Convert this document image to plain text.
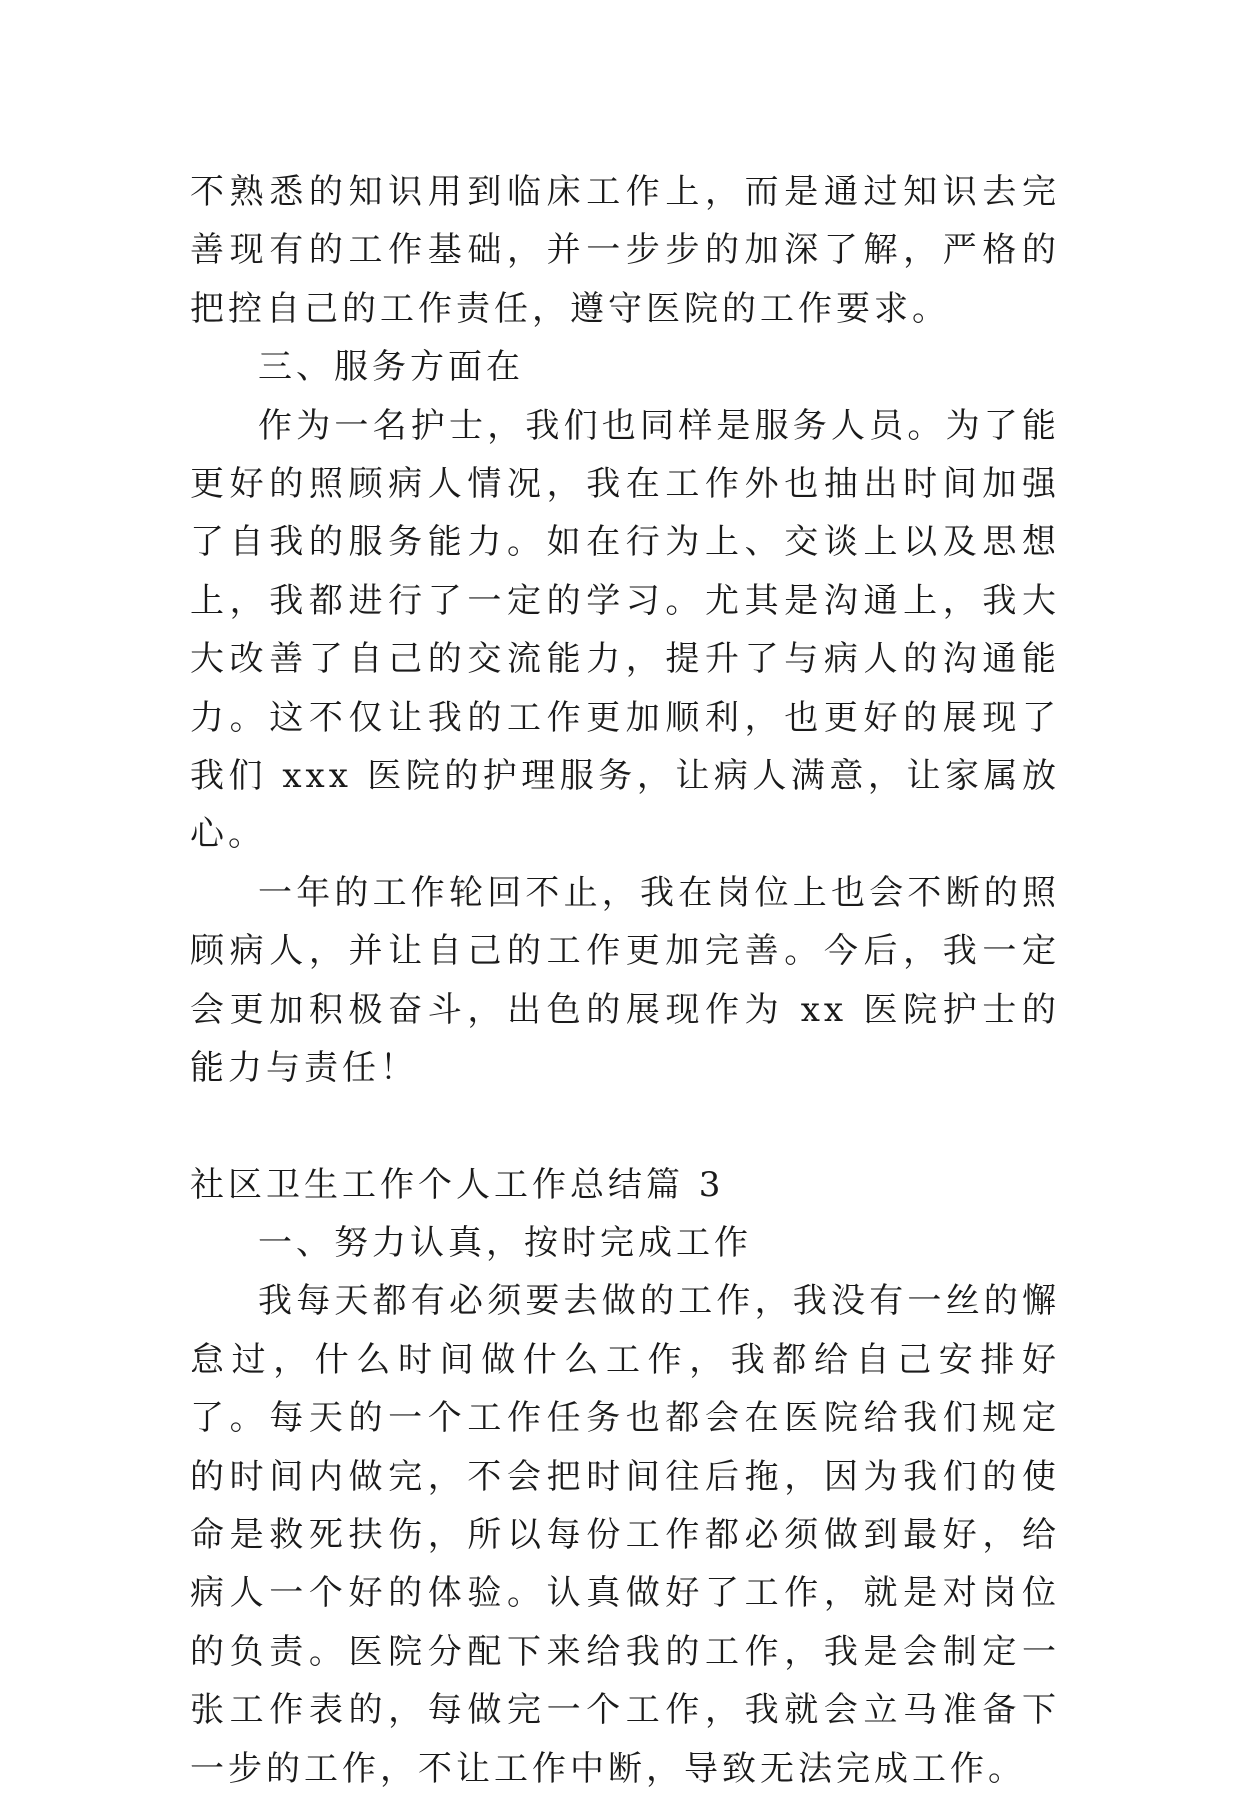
不熟悉的知识用到临床工作上，而是通过知识去完善现有的工作基础，并一步步的加深了解，严格的把控自己的工作责任，遵守医院的工作要求。

三、服务方面在

作为一名护士，我们也同样是服务人员。为了能更好的照顾病人情况，我在工作外也抽出时间加强了自我的服务能力。如在行为上、交谈上以及思想上，我都进行了一定的学习。尤其是沟通上，我大大改善了自己的交流能力，提升了与病人的沟通能力。这不仅让我的工作更加顺利，也更好的展现了我们 xxx 医院的护理服务，让病人满意，让家属放心。

一年的工作轮回不止，我在岗位上也会不断的照顾病人，并让自己的工作更加完善。今后，我一定会更加积极奋斗，出色的展现作为 xx 医院护士的能力与责任！

社区卫生工作个人工作总结篇 3

一、努力认真，按时完成工作

我每天都有必须要去做的工作，我没有一丝的懈怠过，什么时间做什么工作，我都给自己安排好了。每天的一个工作任务也都会在医院给我们规定的时间内做完，不会把时间往后拖，因为我们的使命是救死扶伤，所以每份工作都必须做到最好，给病人一个好的体验。认真做好了工作，就是对岗位的负责。医院分配下来给我的工作，我是会制定一张工作表的，每做完一个工作，我就会立马准备下一步的工作，不让工作中断，导致无法完成工作。
